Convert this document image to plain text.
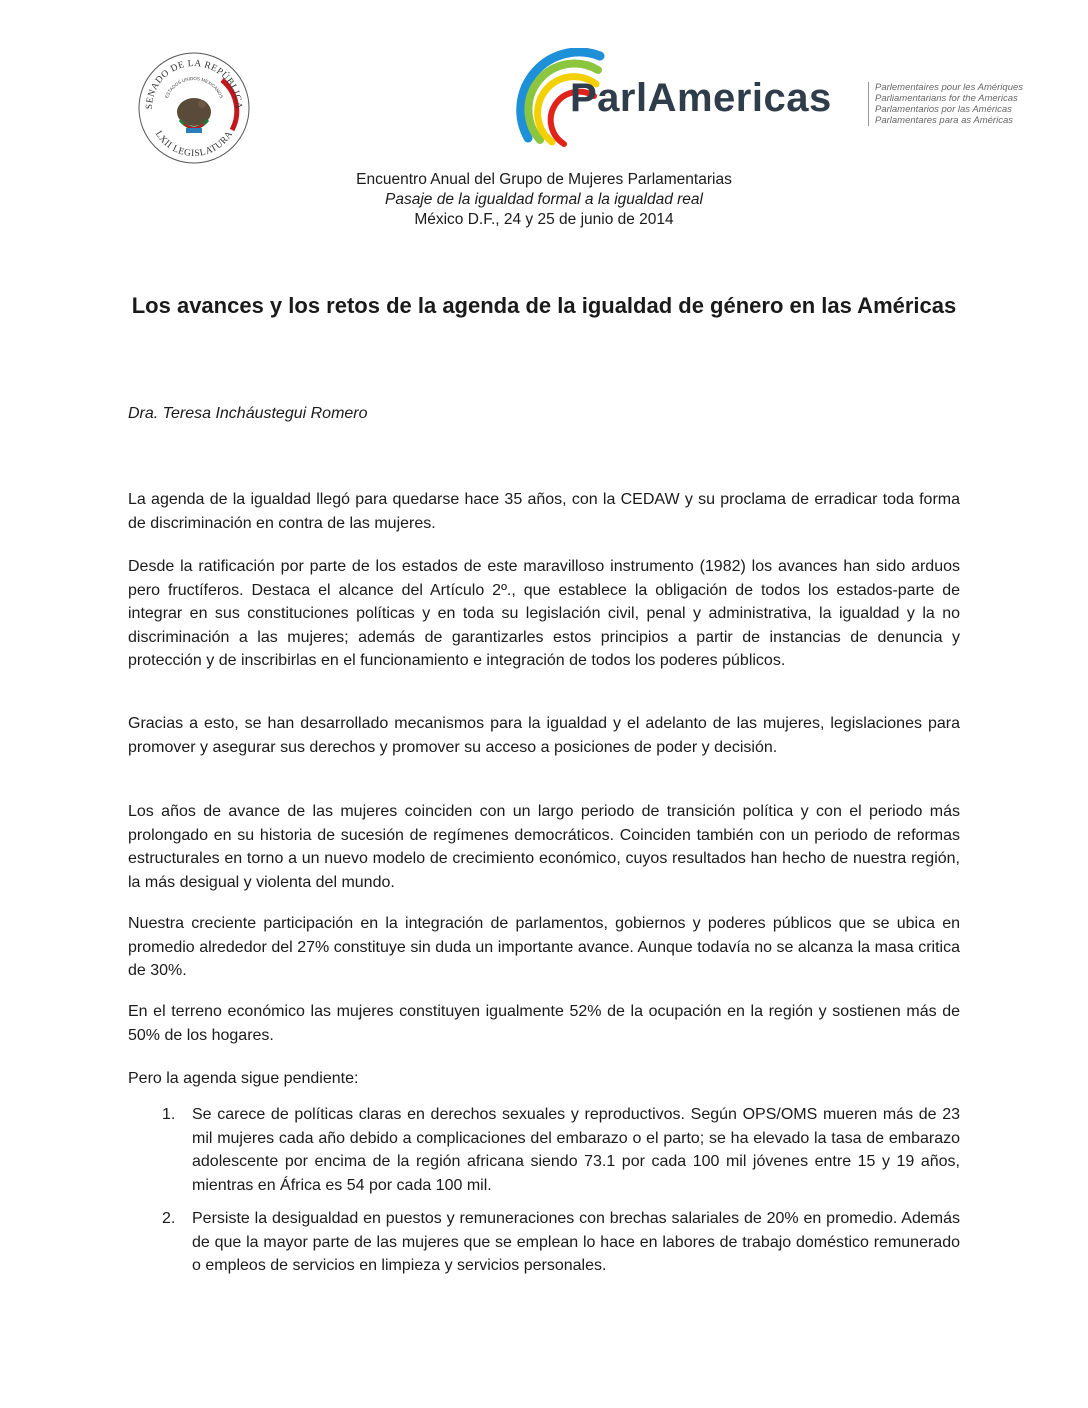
SENADO DE LA REPÚBLICA
LXII LEGISLATURA
ESTADOS UNIDOS MEXICANOS	ParlAmericas	Parlementaires pour les Amériques
Parliamentarians for the Americas
Parlamentarios por las Américas
Parlamentares para as Américas
Encuentro Anual del Grupo de Mujeres Parlamentarias
Pasaje de la igualdad formal a la igualdad real
México D.F., 24 y 25 de junio de 2014
Los avances y los retos de la agenda de la igualdad de género en las Américas
Dra. Teresa Incháustegui Romero
La agenda de la igualdad llegó para quedarse hace 35 años, con la CEDAW y su proclama de erradicar toda forma de discriminación en contra de las mujeres.
Desde la ratificación por parte de los estados de este maravilloso instrumento (1982) los avances han sido arduos pero fructíferos. Destaca el alcance del Artículo 2º., que establece la obligación de todos los estados-parte de integrar en sus constituciones políticas y en toda su legislación civil, penal y administrativa, la igualdad y la no discriminación a las mujeres; además de garantizarles estos principios a partir de instancias de denuncia y protección y de inscribirlas en el funcionamiento e integración de todos los poderes públicos.
Gracias a esto, se han desarrollado mecanismos para la igualdad y el adelanto de las mujeres, legislaciones para promover y asegurar sus derechos y promover su acceso a posiciones de poder y decisión.
Los años de avance de las mujeres coinciden con un largo periodo de transición política y con el periodo más prolongado en su historia de sucesión de regímenes democráticos. Coinciden también con un periodo de reformas estructurales en torno a un nuevo modelo de crecimiento económico, cuyos resultados han hecho de nuestra región, la más desigual y violenta del mundo.
Nuestra creciente participación en la integración de parlamentos, gobiernos y poderes públicos que se ubica en promedio alrededor del 27% constituye sin duda un importante avance. Aunque todavía no se alcanza la masa critica de 30%.
En el terreno económico las mujeres constituyen igualmente 52% de la ocupación en la región y sostienen más de 50% de los hogares.
Pero la agenda sigue pendiente:
1. Se carece de políticas claras en derechos sexuales y reproductivos. Según OPS/OMS mueren más de 23 mil mujeres cada año debido a complicaciones del embarazo o el parto; se ha elevado la tasa de embarazo adolescente por encima de la región africana siendo 73.1 por cada 100 mil jóvenes entre 15 y 19 años, mientras en África es 54 por cada 100 mil.
2. Persiste la desigualdad en puestos y remuneraciones con brechas salariales de 20% en promedio. Además de que la mayor parte de las mujeres que se emplean lo hace en labores de trabajo doméstico remunerado o empleos de servicios en limpieza y servicios personales.
